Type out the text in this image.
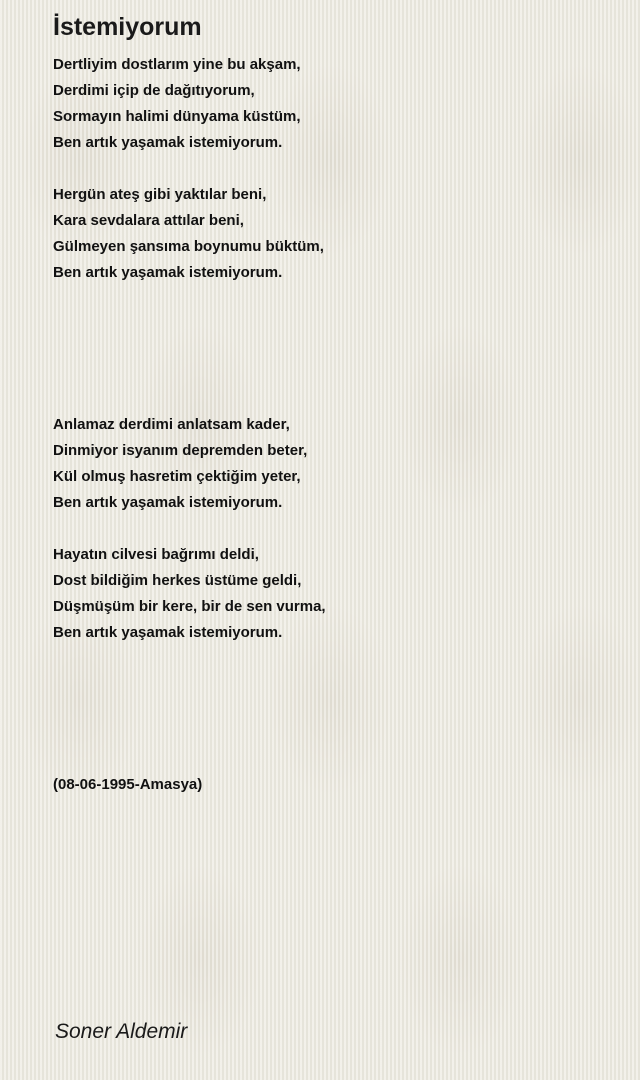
İstemiyorum
Dertliyim dostlarım yine bu akşam,
Derdimi içip de dağıtıyorum,
Sormayın halimi dünyama küstüm,
Ben artık yaşamak istemiyorum.
Hergün ateş gibi yaktılar beni,
Kara sevdalara attılar beni,
Gülmeyen şansıma boynumu büktüm,
Ben artık yaşamak istemiyorum.
Anlamaz derdimi anlatsam kader,
Dinmiyor isyanım depremden beter,
Kül olmuş hasretim çektiğim yeter,
Ben artık yaşamak istemiyorum.
Hayatın cilvesi bağrımı deldi,
Dost bildiğim herkes üstüme geldi,
Düşmüşüm bir kere, bir de sen vurma,
Ben artık yaşamak istemiyorum.
(08-06-1995-Amasya)
Soner Aldemir
